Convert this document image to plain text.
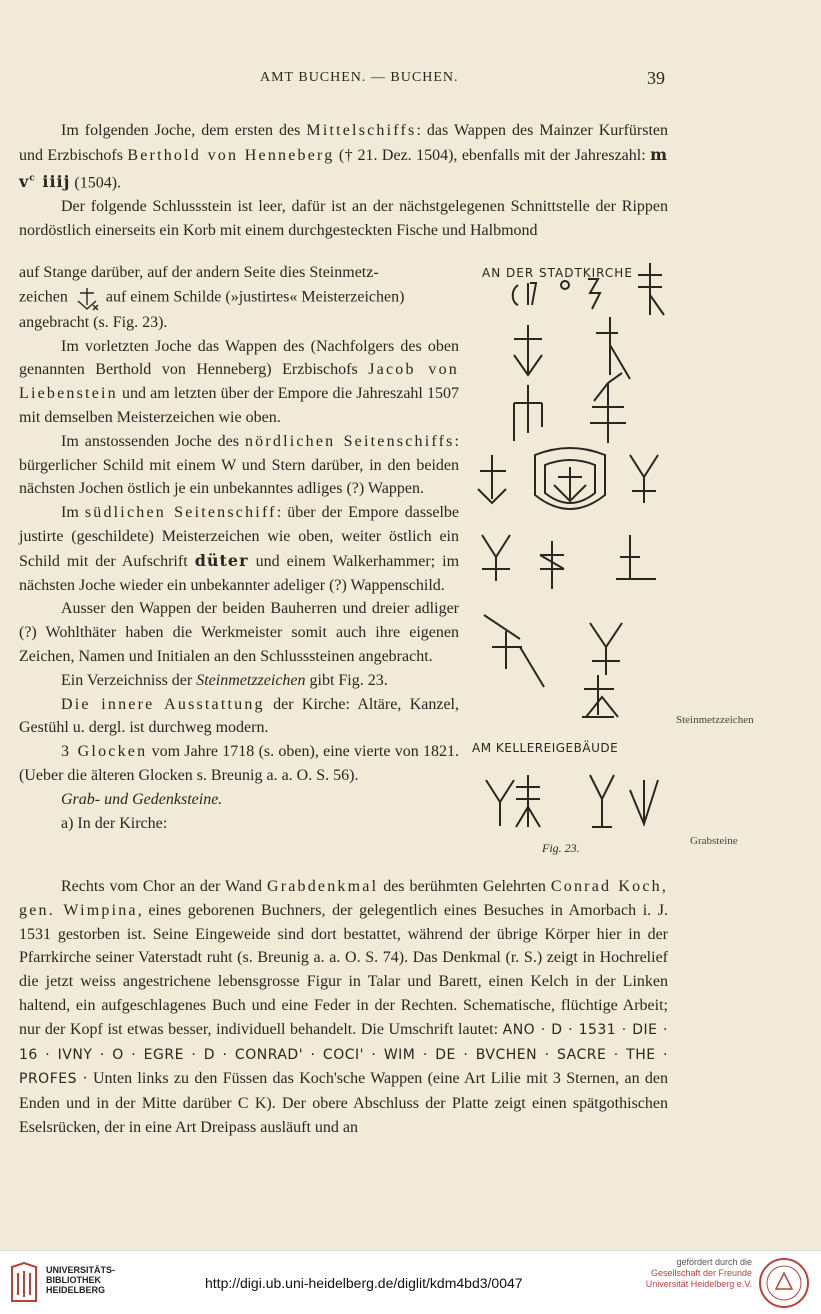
AMT BUCHEN. — BUCHEN.	39

Im folgenden Joche, dem ersten des Mittelschiffs: das Wappen des Mainzer Kurfürsten und Erzbischofs Berthold von Henneberg († 21. Dez. 1504), ebenfalls mit der Jahreszahl: m $v^c$ iiij (1504).

Der folgende Schlussstein ist leer, dafür ist an der nächstgelegenen Schnittstelle der Rippen nordöstlich einerseits ein Korb mit einem durchgesteckten Fische und Halbmond

auf Stange darüber, auf der andern Seite dies Steinmetz-
zeichen auf einem Schilde (»justirtes« Meisterzeichen)
angebracht (s. Fig. 23).

Im vorletzten Joche das Wappen des (Nachfolgers des oben genannten Berthold von Henneberg) Erzbischofs Jacob von Liebenstein und am letzten über der Empore die Jahreszahl 1507 mit demselben Meisterzeichen wie oben.

Im anstossenden Joche des nördlichen Seitenschiffs: bürgerlicher Schild mit einem W und Stern darüber, in den beiden nächsten Jochen östlich je ein unbekanntes adliges (?) Wappen.

Im südlichen Seitenschiff: über der Empore dasselbe justirte (geschildete) Meisterzeichen wie oben, weiter östlich ein Schild mit der Aufschrift düter und einem Walkerhammer; im nächsten Joche wieder ein unbekannter adeliger (?) Wappenschild.

Ausser den Wappen der beiden Bauherren und dreier adliger (?) Wohlthäter haben die Werkmeister somit auch ihre eigenen Zeichen, Namen und Initialen an den Schlusssteinen angebracht.

Ein Verzeichniss der Steinmetzzeichen gibt Fig. 23.

Die innere Ausstattung der Kirche: Altäre, Kanzel, Gestühl u. dergl. ist durchweg modern.

3 Glocken vom Jahre 1718 (s. oben), eine vierte von 1821. (Ueber die älteren Glocken s. Breunig a. a. O. S. 56).

Grab- und Gedenksteine.

a) In der Kirche:

AN DER STADTKIRCHE
AM KELLEREIGEBÄUDE
Fig. 23.
Steinmetzzeichen
Grabsteine

Rechts vom Chor an der Wand Grabdenkmal des berühmten Gelehrten Conrad Koch, gen. Wimpina, eines geborenen Buchners, der gelegentlich eines Besuches in Amorbach i. J. 1531 gestorben ist. Seine Eingeweide sind dort bestattet, während der übrige Körper hier in der Pfarrkirche seiner Vaterstadt ruht (s. Breunig a. a. O. S. 74). Das Denkmal (r. S.) zeigt in Hochrelief die jetzt weiss angestrichene lebensgrosse Figur in Talar und Barett, einen Kelch in der Linken haltend, ein aufgeschlagenes Buch und eine Feder in der Rechten. Schematische, flüchtige Arbeit; nur der Kopf ist etwas besser, individuell behandelt. Die Umschrift lautet: ANO · D · 1531 · DIE · 16 · IVNY · O · EGRE · D · CONRAD' · COCI' · WIM · DE · BVCHEN · SACRE · THE · PROFES · Unten links zu den Füssen das Koch'sche Wappen (eine Art Lilie mit 3 Sternen, an den Enden und in der Mitte darüber C K). Der obere Abschluss der Platte zeigt einen spätgothischen Eselsrücken, der in eine Art Dreipass ausläuft und an

UNIVERSITÄTS-
BIBLIOTHEK
HEIDELBERG	http://digi.ub.uni-heidelberg.de/diglit/kdm4bd3/0047
gefördert durch die
Gesellschaft der Freunde
Universität Heidelberg e.V.
